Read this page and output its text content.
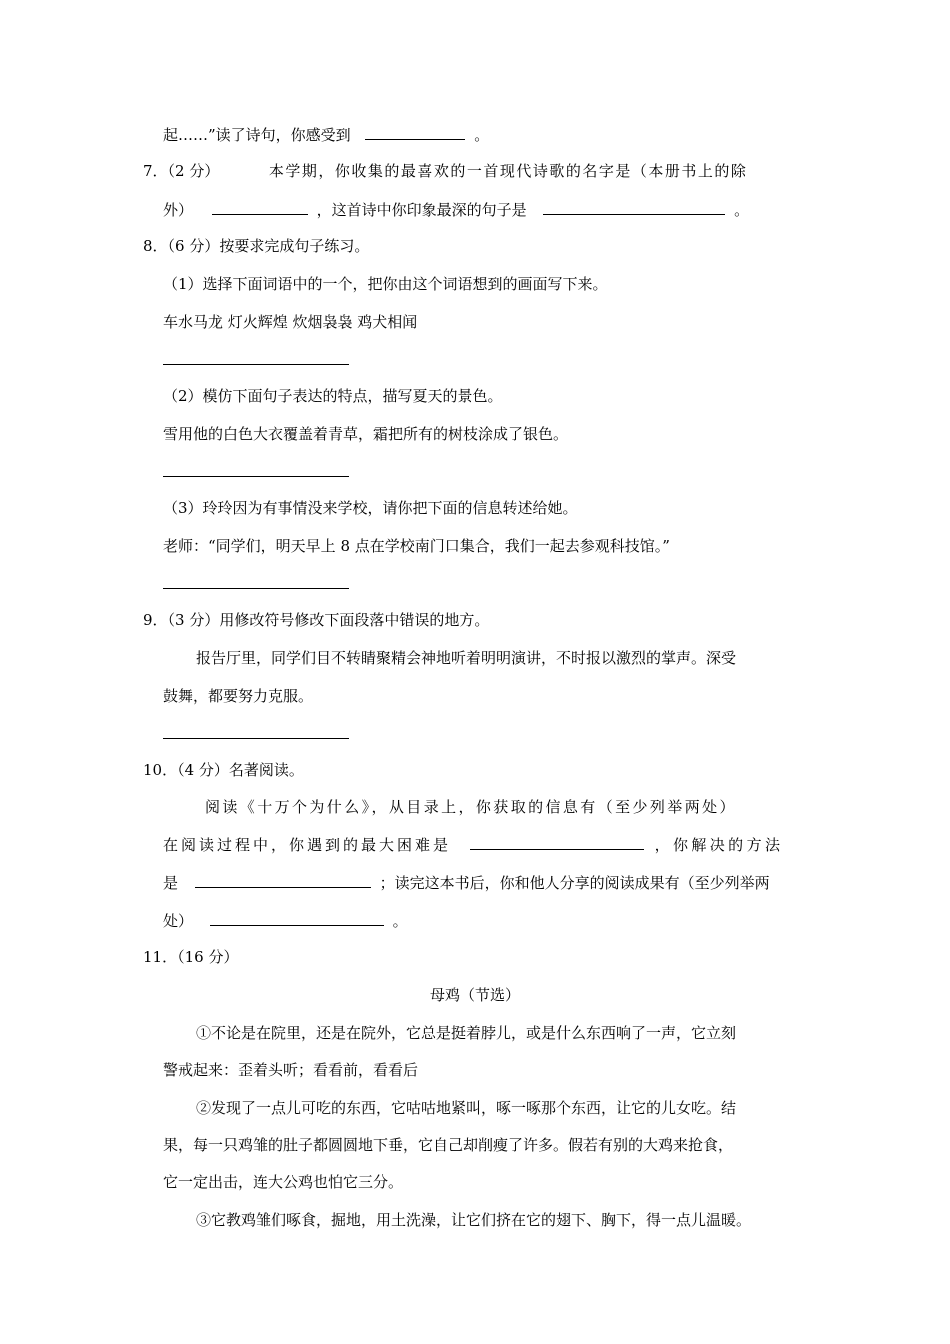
起……”读了诗句，你感受到	。
7．（2 分）	本学期，你收集的最喜欢的一首现代诗歌的名字是（本册书上的除
外）	，这首诗中你印象最深的句子是	。
8．（6 分）按要求完成句子练习。
（1）选择下面词语中的一个，把你由这个词语想到的画面写下来。
车水马龙 灯火辉煌 炊烟袅袅 鸡犬相闻
（2）模仿下面句子表达的特点，描写夏天的景色。
雪用他的白色大衣覆盖着青草，霜把所有的树枝涂成了银色。
（3）玲玲因为有事情没来学校，请你把下面的信息转述给她。
老师：“同学们，明天早上 8 点在学校南门口集合，我们一起去参观科技馆。”
9．（3 分）用修改符号修改下面段落中错误的地方。
报告厅里，同学们目不转睛聚精会神地听着明明演讲，不时报以激烈的掌声。深受
鼓舞，都要努力克服。
10．（4 分）名著阅读。
阅读《十万个为什么》，从目录上，你获取的信息有（至少列举两处）
在阅读过程中，你遇到的最大困难是	，你解决的方法
是	；读完这本书后，你和他人分享的阅读成果有（至少列举两
处）	。
11．（16 分）
母鸡（节选）
①不论是在院里，还是在院外，它总是挺着脖儿，或是什么东西响了一声，它立刻
警戒起来：歪着头听；看看前，看看后
②发现了一点儿可吃的东西，它咕咕地紧叫，啄一啄那个东西，让它的儿女吃。结
果，每一只鸡雏的肚子都圆圆地下垂，它自己却削瘦了许多。假若有别的大鸡来抢食，
它一定出击，连大公鸡也怕它三分。
③它教鸡雏们啄食，掘地，用土洗澡，让它们挤在它的翅下、胸下，得一点儿温暖。
